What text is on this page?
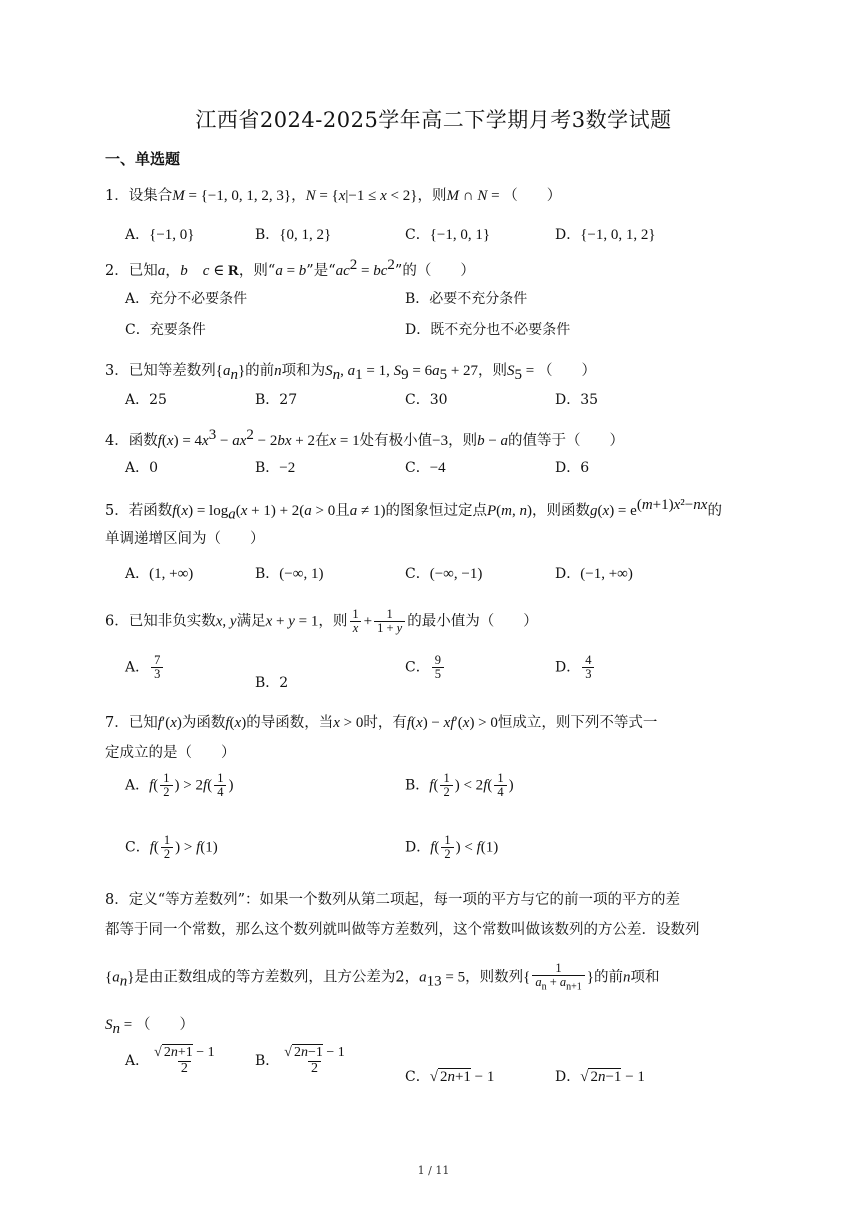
江西省2024-2025学年高二下学期月考3数学试题
一、单选题
1．设集合M = {−1, 0, 1, 2, 3}，N = {x|−1 ≤ x < 2}，则M ∩ N = （　　）
A．{−1, 0}	B．{0, 1, 2}	C．{−1, 0, 1}	D．{−1, 0, 1, 2}
2．已知a，b　 c ∈ R，则“a = b”是“$ac^2 = bc^2$”的（　　）
A．充分不必要条件	B．必要不充分条件
C．充要条件	D．既不充分也不必要条件
3．已知等差数列$\{a_n\}$的前n项和为$S_n$, $a_1 = 1$, $S_9 = 6a_5 + 27$，则$S_5$ = （　　）
A．25	B．27	C．30	D．35
4．函数$f(x) = 4x^3 - ax^2 - 2bx + 2$在x = 1处有极小值−3，则b − a的值等于（　　）
A．0	B．−2	C．−4	D．6
5．若函数$f(x) = \log_a(x + 1) + 2(a > 0$且a ≠ 1)的图象恒过定点P(m, n)，则函数$g(x) = e^{(m+1)x^2-nx}$的
单调递增区间为（　　）
A．(1, +∞)	B．(−∞, 1)	C．(−∞, −1)	D．(−1, +∞)
6．已知非负实数x, y满足x + y = 1，则 $\frac{1}{x} + \frac{1}{1 + y}$ 的最小值为（　　）
A． $\frac{7}{3}$
B．2
C． $\frac{9}{5}$	D． $\frac{4}{3}$
7．已知f′(x)为函数f(x)的导函数，当x > 0时，有f(x) − xf′(x) > 0恒成立，则下列不等式一
定成立的是（　　）
A．$f( \frac{1}{2}$ ) > $2f( \frac{1}{4}$ )	B．$f( \frac{1}{2}$ ) < $2f( \frac{1}{4}$ )
C．$f( \frac{1}{2}$ ) > f(1)	D．$f( \frac{1}{2}$ ) < f(1)
8．定义“等方差数列”：如果一个数列从第二项起，每一项的平方与它的前一项的平方的差
都等于同一个常数，那么这个数列就叫做等方差数列，这个常数叫做该数列的方公差．设数列
$\{a_n\}$是由正数组成的等方差数列，且方公差为2，$a_{13} = 5$，则数列{ $\frac{1}{a_n + a_{n+1}}$ }的前n项和
$S_n$ = （　　）
A． $\frac{√ 2n+1 - 1}{2}$	B． $\frac{√ 2n-1 - 1}{2}$
C．√ 2n+1 − 1	D．√ 2n−1 − 1
1 / 11
